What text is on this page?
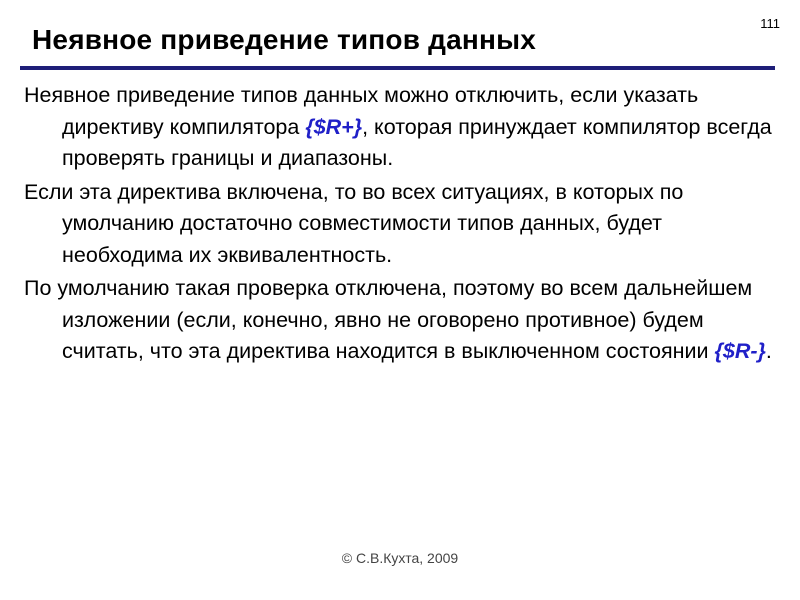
111
Неявное приведение типов данных
Неявное приведение типов данных можно отключить, если указать директиву компилятора {$R+}, которая принуждает компилятор всегда проверять границы и диапазоны.
Если эта директива включена, то во всех ситуациях, в которых по умолчанию достаточно совместимости типов данных, будет необходима их эквивалентность.
По умолчанию такая проверка отключена, поэтому во всем дальнейшем изложении (если, конечно, явно не оговорено противное) будем считать, что эта директива находится в выключенном состоянии {$R-}.
© С.В.Кухта, 2009
